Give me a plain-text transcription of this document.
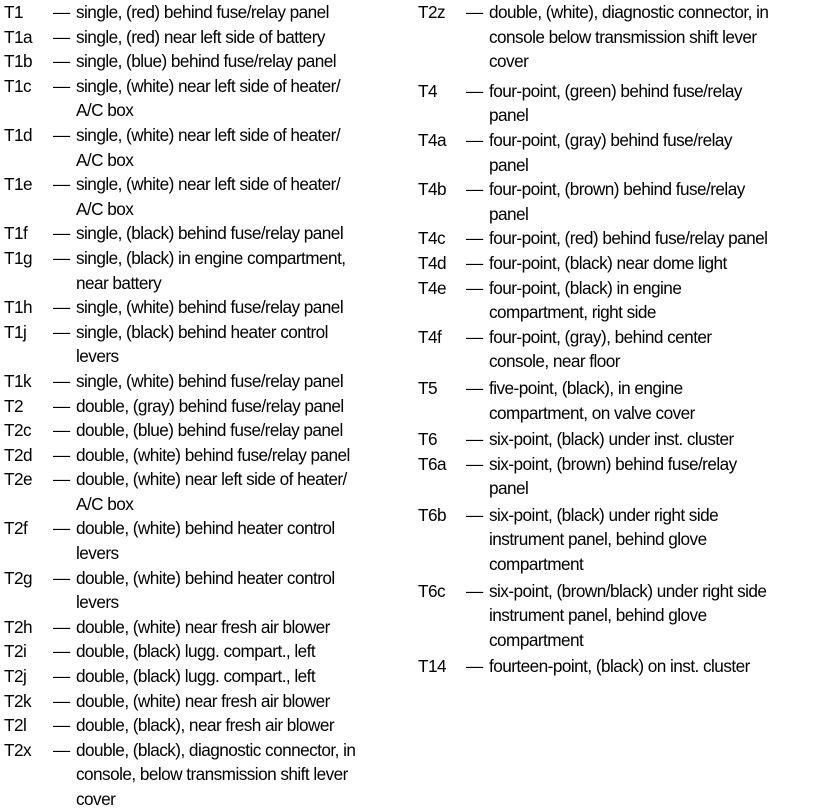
T1	— single, (red) behind fuse/relay panel
T1a	— single, (red) near left side of battery
T1b	— single, (blue) behind fuse/relay panel
T1c	— single, (white) near left side of heater/
A/C box
T1d	— single, (white) near left side of heater/
A/C box
T1e	— single, (white) near left side of heater/
A/C box
T1f	— single, (black) behind fuse/relay panel
T1g	— single, (black) in engine compartment,
near battery
T1h	— single, (white) behind fuse/relay panel
T1j	— single, (black) behind heater control
levers
T1k	— single, (white) behind fuse/relay panel
T2	— double, (gray) behind fuse/relay panel
T2c	— double, (blue) behind fuse/relay panel
T2d	— double, (white) behind fuse/relay panel
T2e	— double, (white) near left side of heater/
A/C box
T2f	— double, (white) behind heater control
levers
T2g	— double, (white) behind heater control
levers
T2h	— double, (white) near fresh air blower
T2i	— double, (black) lugg. compart., left
T2j	— double, (black) lugg. compart., left
T2k	— double, (white) near fresh air blower
T2l	— double, (black), near fresh air blower
T2x	— double, (black), diagnostic connector, in
console, below transmission shift lever
cover
T2z	— double, (white), diagnostic connector, in
console below transmission shift lever
cover
T4	— four-point, (green) behind fuse/relay
panel
T4a	— four-point, (gray) behind fuse/relay
panel
T4b	— four-point, (brown) behind fuse/relay
panel
T4c	— four-point, (red) behind fuse/relay panel
T4d	— four-point, (black) near dome light
T4e	— four-point, (black) in engine
compartment, right side
T4f	— four-point, (gray), behind center
console, near floor
T5	— five-point, (black), in engine
compartment, on valve cover
T6	— six-point, (black) under inst. cluster
T6a	— six-point, (brown) behind fuse/relay
panel
T6b	— six-point, (black) under right side
instrument panel, behind glove
compartment
T6c	— six-point, (brown/black) under right side
instrument panel, behind glove
compartment
T14	— fourteen-point, (black) on inst. cluster
